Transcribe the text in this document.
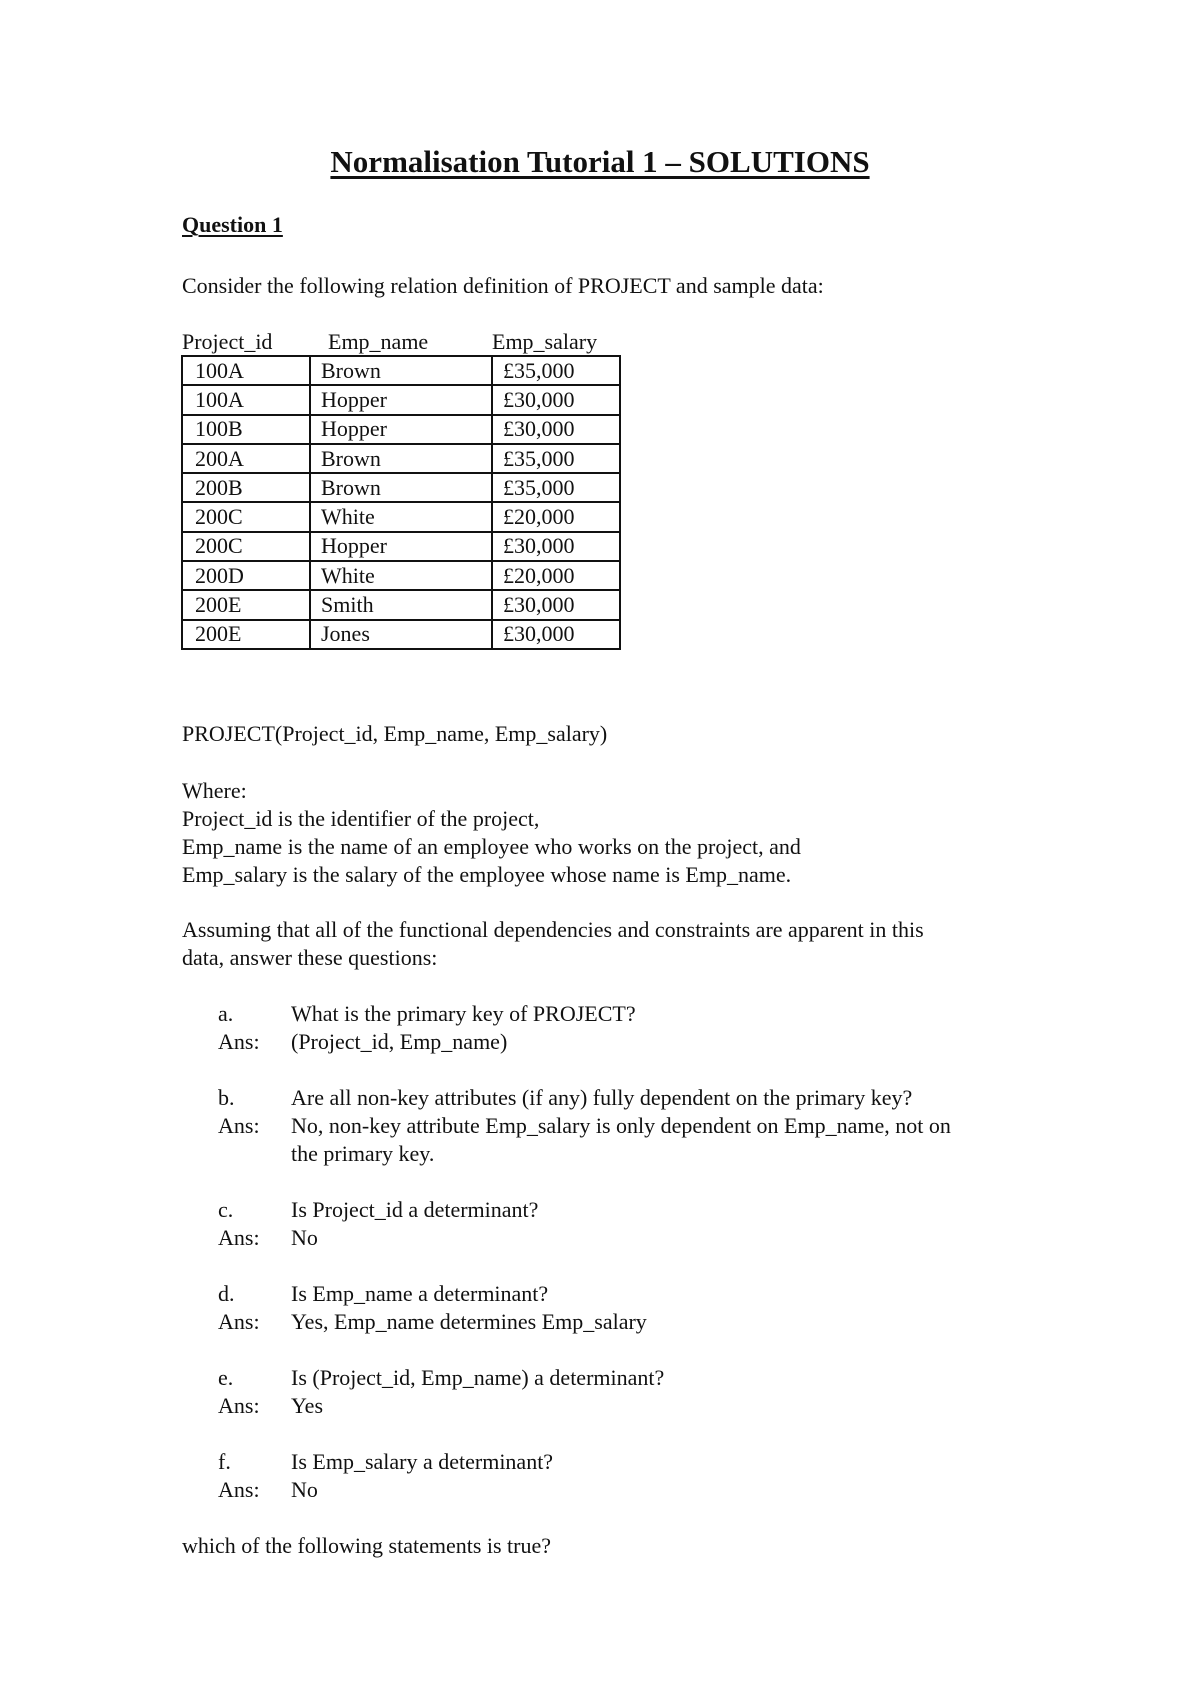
Normalisation Tutorial 1 – SOLUTIONS
Question 1
Consider the following relation definition of PROJECT and sample data:
Project_id	Emp_name	Emp_salary
100A	Brown	£35,000
100A	Hopper	£30,000
100B	Hopper	£30,000
200A	Brown	£35,000
200B	Brown	£35,000
200C	White	£20,000
200C	Hopper	£30,000
200D	White	£20,000
200E	Smith	£30,000
200E	Jones	£30,000
PROJECT(Project_id, Emp_name, Emp_salary)
Where:
Project_id is the identifier of the project,
Emp_name is the name of an employee who works on the project, and
Emp_salary is the salary of the employee whose name is Emp_name.
Assuming that all of the functional dependencies and constraints are apparent in this
data, answer these questions:
a.	What is the primary key of PROJECT?
Ans: (Project_id, Emp_name)
b.	Are all non-key attributes (if any) fully dependent on the primary key?
Ans: No, non-key attribute Emp_salary is only dependent on Emp_name, not on
the primary key.
c.	Is Project_id a determinant?
Ans: No
d.	Is Emp_name a determinant?
Ans: Yes, Emp_name determines Emp_salary
e.	Is (Project_id, Emp_name) a determinant?
Ans: Yes
f.	Is Emp_salary a determinant?
Ans: No
which of the following statements is true?
